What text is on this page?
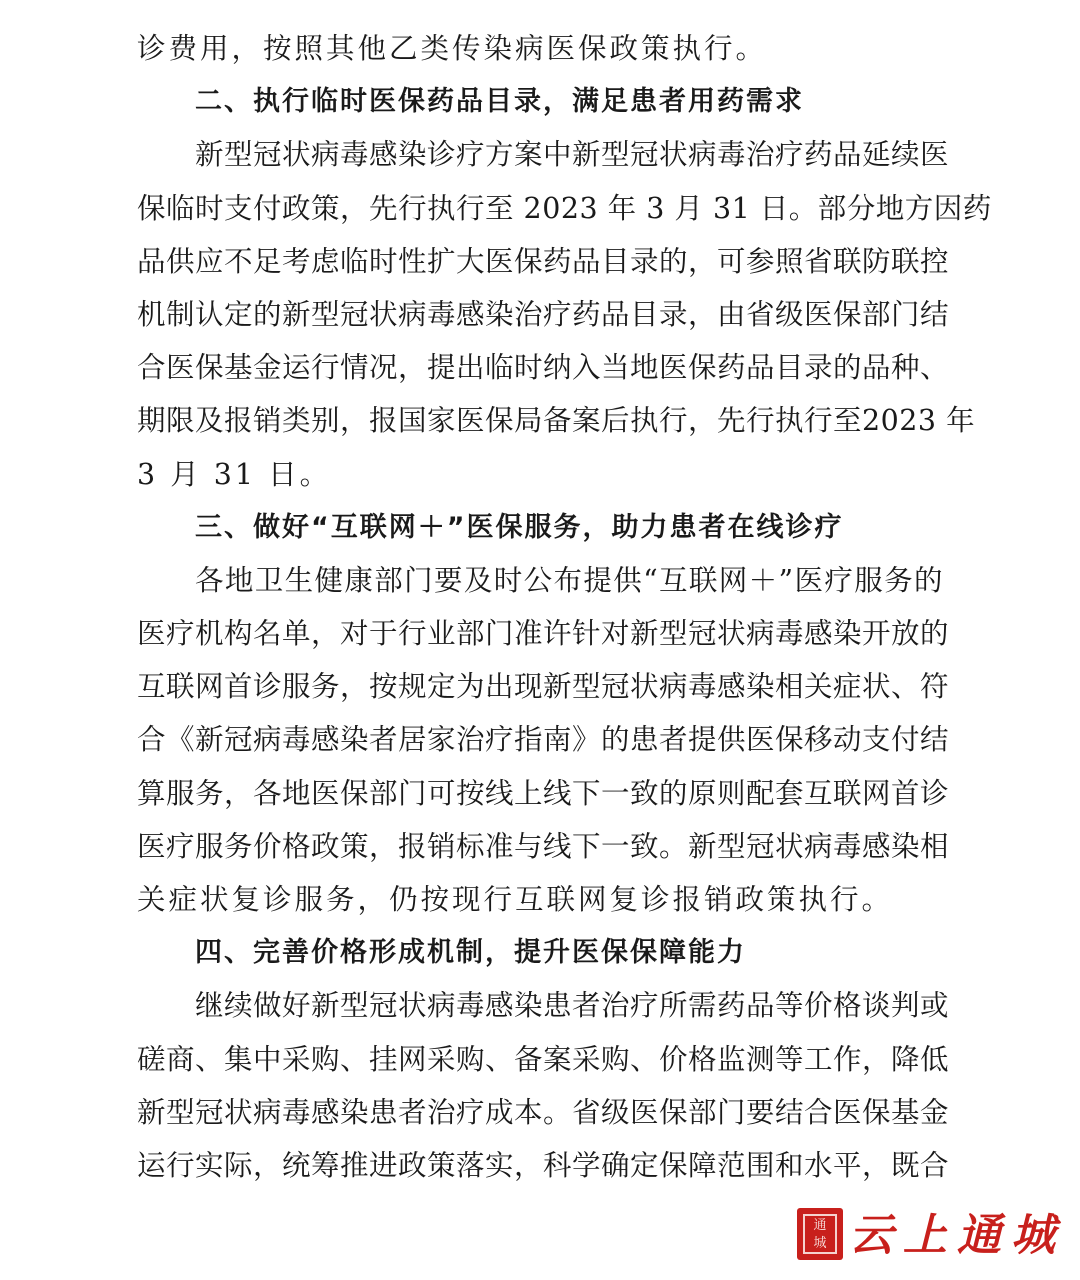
诊费用，按照其他乙类传染病医保政策执行。
二、执行临时医保药品目录，满足患者用药需求
新型冠状病毒感染诊疗方案中新型冠状病毒治疗药品延续医
保临时支付政策，先行执行至 2023 年 3 月 31 日。部分地方因药
品供应不足考虑临时性扩大医保药品目录的，可参照省联防联控
机制认定的新型冠状病毒感染治疗药品目录，由省级医保部门结
合医保基金运行情况，提出临时纳入当地医保药品目录的品种、
期限及报销类别，报国家医保局备案后执行，先行执行至2023 年
3 月 31 日。
三、做好“互联网＋”医保服务，助力患者在线诊疗
各地卫生健康部门要及时公布提供“互联网＋”医疗服务的
医疗机构名单，对于行业部门准许针对新型冠状病毒感染开放的
互联网首诊服务，按规定为出现新型冠状病毒感染相关症状、符
合《新冠病毒感染者居家治疗指南》的患者提供医保移动支付结
算服务，各地医保部门可按线上线下一致的原则配套互联网首诊
医疗服务价格政策，报销标准与线下一致。新型冠状病毒感染相
关症状复诊服务，仍按现行互联网复诊报销政策执行。
四、完善价格形成机制，提升医保保障能力
继续做好新型冠状病毒感染患者治疗所需药品等价格谈判或
磋商、集中采购、挂网采购、备案采购、价格监测等工作，降低
新型冠状病毒感染患者治疗成本。省级医保部门要结合医保基金
运行实际，统筹推进政策落实，科学确定保障范围和水平，既合
通
城 云上通城
